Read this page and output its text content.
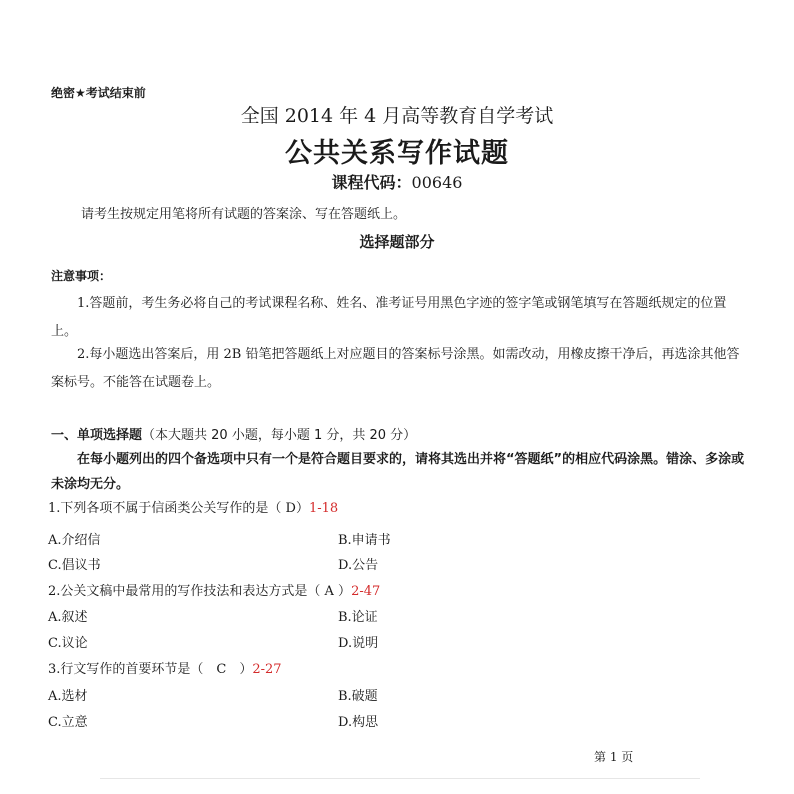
绝密★考试结束前
全国 2014 年 4 月高等教育自学考试
公共关系写作试题
课程代码：00646
请考生按规定用笔将所有试题的答案涂、写在答题纸上。
选择题部分
注意事项：
1.答题前，考生务必将自己的考试课程名称、姓名、准考证号用黑色字迹的签字笔或钢笔填写在答题纸规定的位置上。
2.每小题选出答案后，用 2B 铅笔把答题纸上对应题目的答案标号涂黑。如需改动，用橡皮擦干净后，再选涂其他答案标号。不能答在试题卷上。
一、单项选择题（本大题共 20 小题，每小题 1 分，共 20 分）
在每小题列出的四个备选项中只有一个是符合题目要求的，请将其选出并将“答题纸”的相应代码涂黑。错涂、多涂或未涂均无分。
1.下列各项不属于信函类公关写作的是（ D）1-18
A.介绍信	B.申请书
C.倡议书	D.公告
2.公关文稿中最常用的写作技法和表达方式是（ A ）2-47
A.叙述	B.论证
C.议论	D.说明
3.行文写作的首要环节是（　C　）2-27
A.选材	B.破题
C.立意	D.构思
第 1 页
